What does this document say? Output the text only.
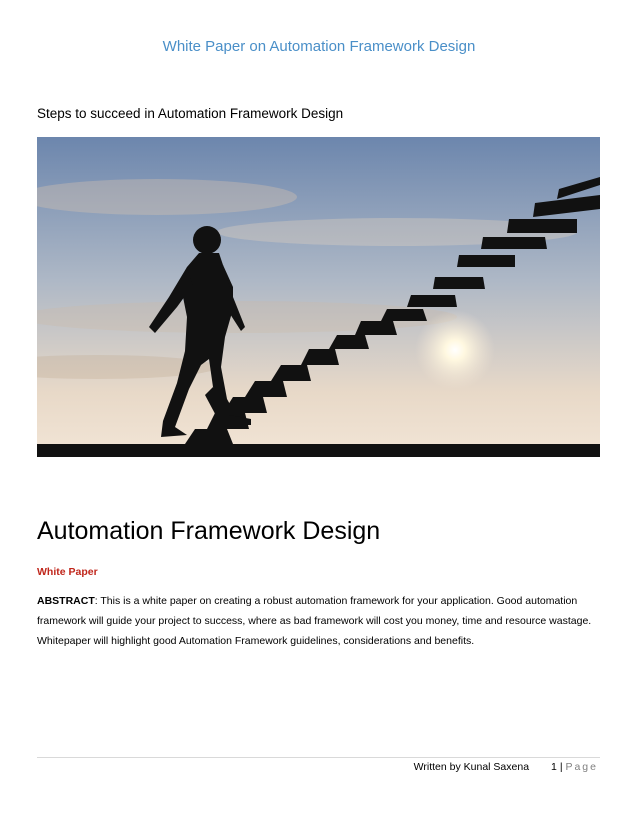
White Paper on Automation Framework Design
Steps to succeed in Automation Framework Design
Automation Framework Design
White Paper
ABSTRACT: This is a white paper on creating a robust automation framework for your application. Good automation framework will guide your project to success, where as bad framework will cost you money, time and resource wastage. Whitepaper will highlight good Automation Framework guidelines, considerations and benefits.
Written by Kunal Saxena 1 | Page
